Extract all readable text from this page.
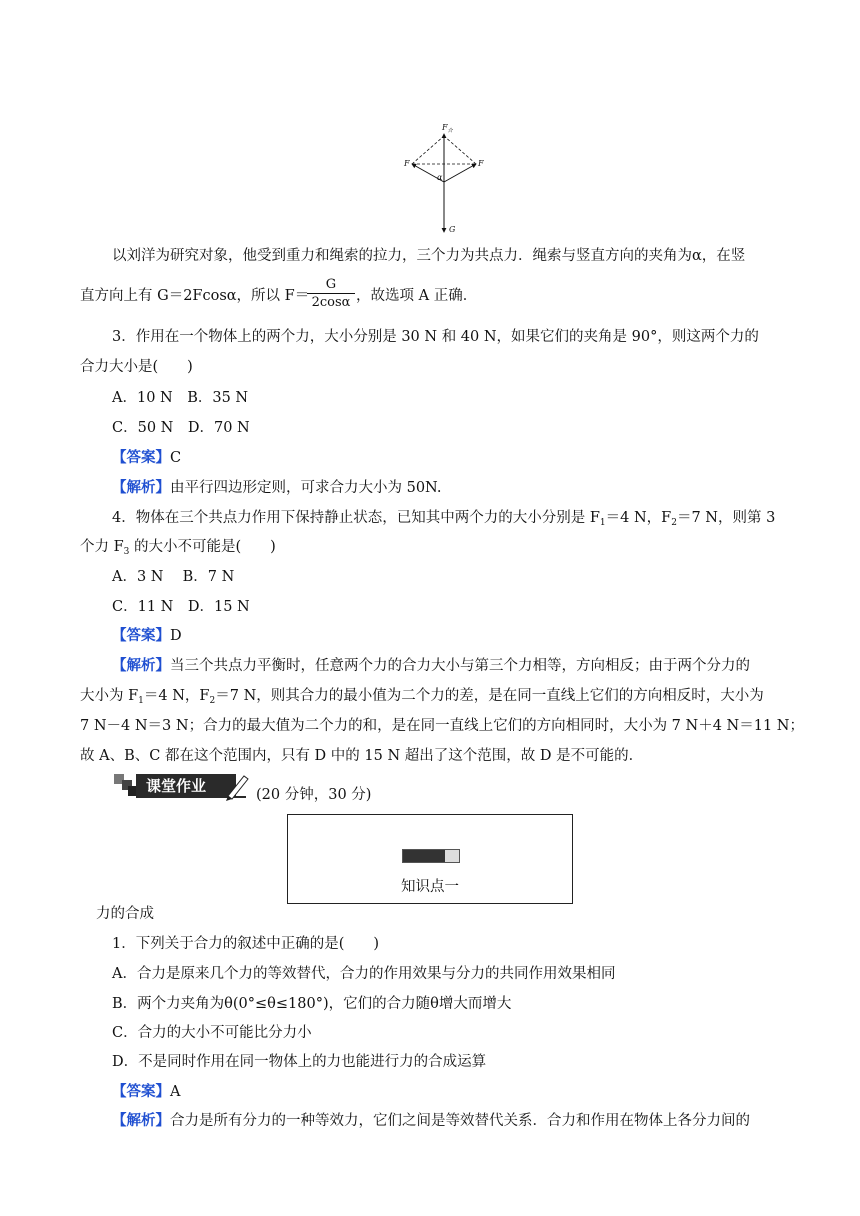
$F_合$
F	F
α
G
以刘洋为研究对象，他受到重力和绳索的拉力，三个力为共点力．绳索与竖直方向的夹角为α，在竖
直方向上有 G＝2Fcosα，所以 F＝
G
2cosα ，故选项 A 正确．
3．作用在一个物体上的两个力，大小分别是 30 N 和 40 N，如果它们的夹角是 90°，则这两个力的
合力大小是(　　)
A．10 N　B．35 N
C．50 N　D．70 N
【答案】C
【解析】由平行四边形定则，可求合力大小为 50N.
4．物体在三个共点力作用下保持静止状态，已知其中两个力的大小分别是 $F_1=4$ N，$F_2=7$ N，则第 3
个力 $F_3$ 的大小不可能是(　　)
A．3 N　 B．7 N
C．11 N　D．15 N
【答案】D
【解析】当三个共点力平衡时，任意两个力的合力大小与第三个力相等，方向相反；由于两个分力的
大小为 $F_1=4$ N，$F_2=7$ N，则其合力的最小值为二个力的差，是在同一直线上它们的方向相反时，大小为
7 N－4 N＝3 N；合力的最大值为二个力的和，是在同一直线上它们的方向相同时，大小为 7 N＋4 N＝11 N；
故 A、B、C 都在这个范围内，只有 D 中的 15 N 超出了这个范围，故 D 是不可能的．
课堂作业	(20 分钟，30 分)
知识点一
力的合成
1．下列关于合力的叙述中正确的是(　　)
A．合力是原来几个力的等效替代，合力的作用效果与分力的共同作用效果相同
B．两个力夹角为θ(0°≤θ≤180°)，它们的合力随θ增大而增大
C．合力的大小不可能比分力小
D．不是同时作用在同一物体上的力也能进行力的合成运算
【答案】A
【解析】合力是所有分力的一种等效力，它们之间是等效替代关系．合力和作用在物体上各分力间的
